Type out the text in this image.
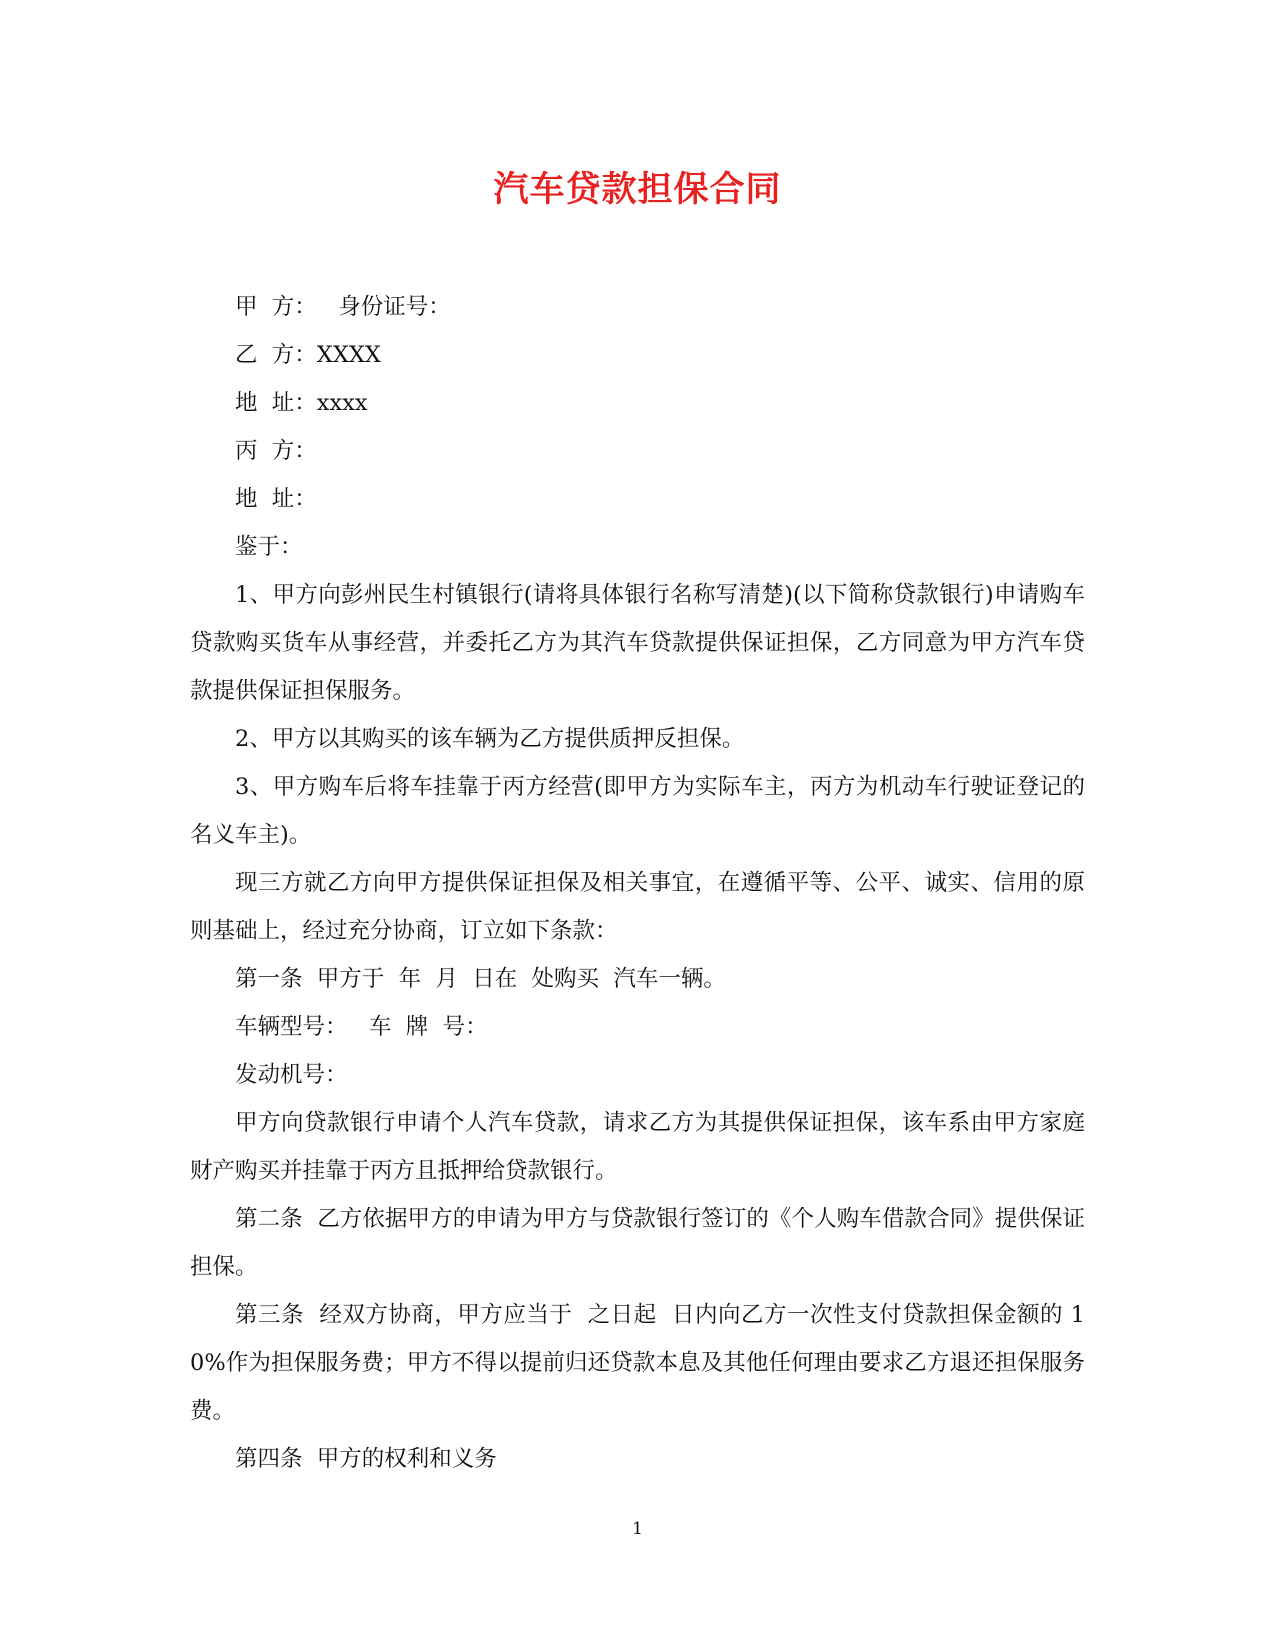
汽车贷款担保合同

甲  方：   身份证号：

乙  方：XXXX

地  址：xxxx

丙  方：

地  址：

鉴于：

1、甲方向彭州民生村镇银行(请将具体银行名称写清楚)(以下简称贷款银行)申请购车贷款购买货车从事经营，并委托乙方为其汽车贷款提供保证担保，乙方同意为甲方汽车贷款提供保证担保服务。

2、甲方以其购买的该车辆为乙方提供质押反担保。

3、甲方购车后将车挂靠于丙方经营(即甲方为实际车主，丙方为机动车行驶证登记的名义车主)。

现三方就乙方向甲方提供保证担保及相关事宜，在遵循平等、公平、诚实、信用的原则基础上，经过充分协商，订立如下条款：

第一条  甲方于  年  月  日在  处购买  汽车一辆。

车辆型号：   车  牌  号：

发动机号：

甲方向贷款银行申请个人汽车贷款，请求乙方为其提供保证担保，该车系由甲方家庭财产购买并挂靠于丙方且抵押给贷款银行。

第二条  乙方依据甲方的申请为甲方与贷款银行签订的《个人购车借款合同》提供保证担保。

第三条  经双方协商，甲方应当于  之日起  日内向乙方一次性支付贷款担保金额的 10%作为担保服务费；甲方不得以提前归还贷款本息及其他任何理由要求乙方退还担保服务费。

第四条  甲方的权利和义务

1
